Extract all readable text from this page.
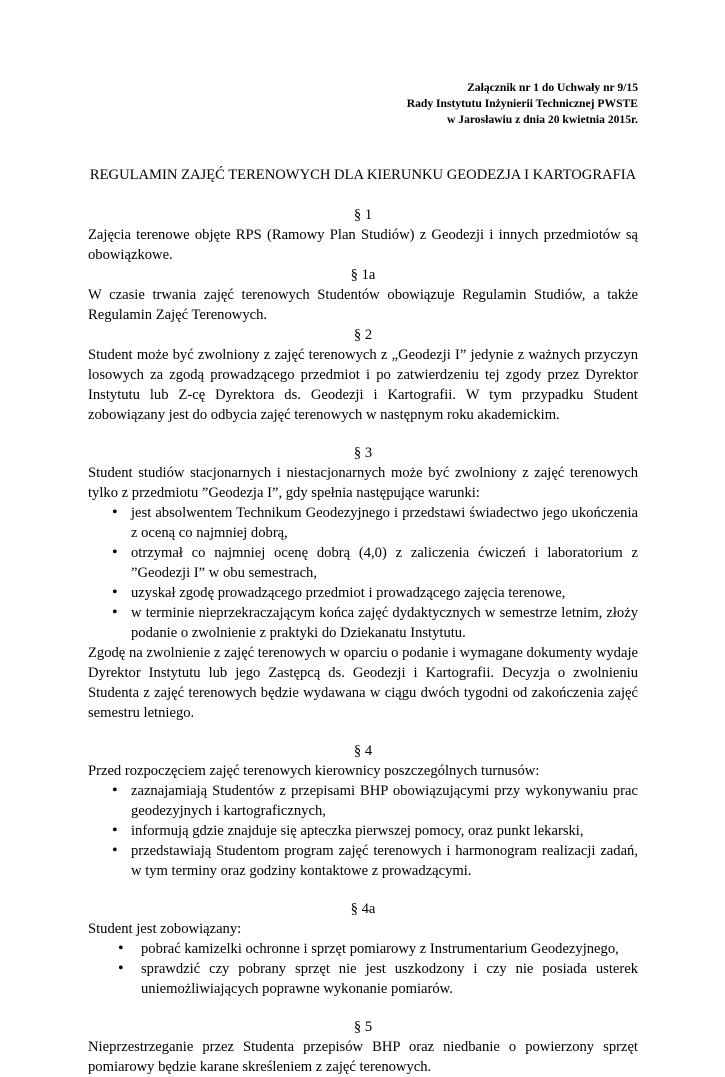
Załącznik nr 1 do Uchwały nr 9/15
Rady Instytutu Inżynierii Technicznej PWSTE
w Jarosławiu z dnia 20 kwietnia 2015r.
REGULAMIN ZAJĘĆ TERENOWYCH DLA KIERUNKU GEODEZJA I KARTOGRAFIA
§ 1

Zajęcia terenowe objęte RPS (Ramowy Plan Studiów) z Geodezji i innych przedmiotów są obowiązkowe.

§ 1a

W czasie trwania zajęć terenowych Studentów obowiązuje Regulamin Studiów, a także Regulamin Zajęć Terenowych.

§ 2

Student może być zwolniony z zajęć terenowych z „Geodezji I” jedynie z ważnych przyczyn losowych za zgodą prowadzącego przedmiot i po zatwierdzeniu tej zgody przez Dyrektor Instytutu lub Z-cę Dyrektora ds. Geodezji i Kartografii. W tym przypadku Student zobowiązany jest do odbycia zajęć terenowych w następnym roku akademickim.

§ 3

Student studiów stacjonarnych i niestacjonarnych może być zwolniony z zajęć terenowych tylko z przedmiotu ”Geodezja I”, gdy spełnia następujące warunki:

• jest absolwentem Technikum Geodezyjnego i przedstawi świadectwo jego ukończenia z oceną co najmniej dobrą,
• otrzymał co najmniej ocenę dobrą (4,0) z zaliczenia ćwiczeń i laboratorium z ”Geodezji I” w obu semestrach,
• uzyskał zgodę prowadzącego przedmiot i prowadzącego zajęcia terenowe,
• w terminie nieprzekraczającym końca zajęć dydaktycznych w semestrze letnim, złoży podanie o zwolnienie z praktyki do Dziekanatu Instytutu.

Zgodę na zwolnienie z zajęć terenowych w oparciu o podanie i wymagane dokumenty wydaje Dyrektor Instytutu lub jego Zastępcą ds. Geodezji i Kartografii. Decyzja o zwolnieniu Studenta z zajęć terenowych będzie wydawana w ciągu dwóch tygodni od zakończenia zajęć semestru letniego.

§ 4

Przed rozpoczęciem zajęć terenowych kierownicy poszczególnych turnusów:

• zaznajamiają Studentów z przepisami BHP obowiązującymi przy wykonywaniu prac geodezyjnych i kartograficznych,
• informują gdzie znajduje się apteczka pierwszej pomocy, oraz punkt lekarski,
• przedstawiają Studentom program zajęć terenowych i harmonogram realizacji zadań, w tym terminy oraz godziny kontaktowe z prowadzącymi.
§ 4a

Student jest zobowiązany:

• pobrać kamizelki ochronne i sprzęt pomiarowy z Instrumentarium Geodezyjnego,
• sprawdzić czy pobrany sprzęt nie jest uszkodzony i czy nie posiada usterek uniemożliwiających poprawne wykonanie pomiarów.
§ 5

Nieprzestrzeganie przez Studenta przepisów BHP oraz niedbanie o powierzony sprzęt pomiarowy będzie karane skreśleniem z zajęć terenowych.
